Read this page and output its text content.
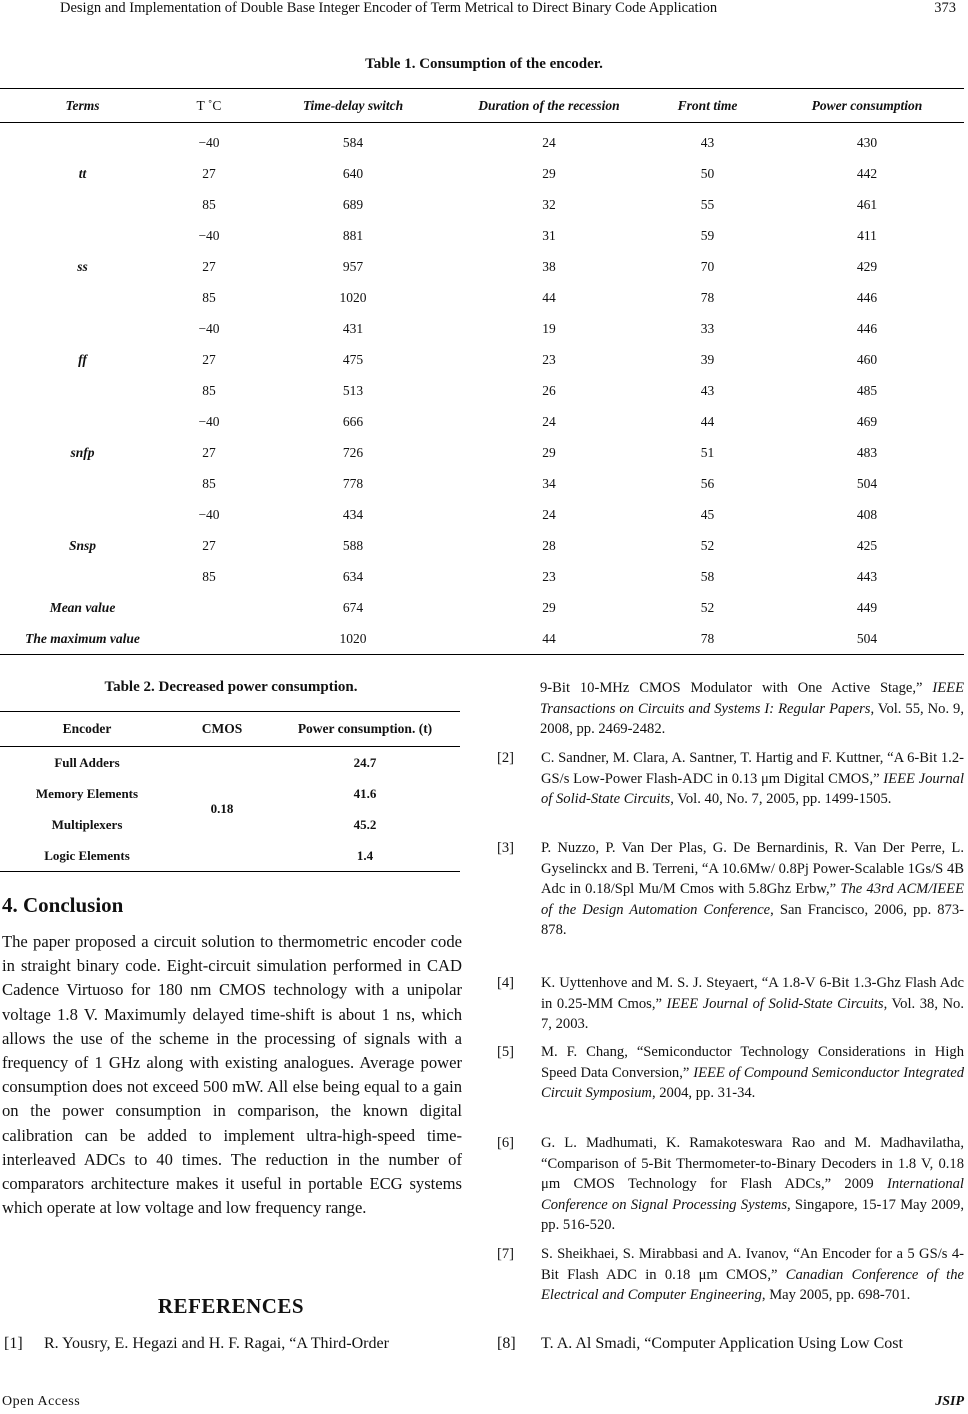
Design and Implementation of Double Base Integer Encoder of Term Metrical to Direct Binary Code Application	373
Table 1. Consumption of the encoder.
Terms	T ˚C	Time-delay switch	Duration of the recession	Front time	Power consumption
	−40	584	24	43	430
tt	27	640	29	50	442
	85	689	32	55	461
	−40	881	31	59	411
ss	27	957	38	70	429
	85	1020	44	78	446
	−40	431	19	33	446
ff	27	475	23	39	460
	85	513	26	43	485
	−40	666	24	44	469
snfp	27	726	29	51	483
	85	778	34	56	504
	−40	434	24	45	408
Snsp	27	588	28	52	425
	85	634	23	58	443
Mean value		674	29	52	449
The maximum value		1020	44	78	504
Table 2. Decreased power consumption.
Encoder	CMOS	Power consumption. (t)
Full Adders	0.18	24.7
Memory Elements		41.6
Multiplexers		45.2
Logic Elements		1.4
4. Conclusion
The paper proposed a circuit solution to thermometric encoder code in straight binary code. Eight-circuit simulation performed in CAD Cadence Virtuoso for 180 nm CMOS technology with a unipolar voltage 1.8 V. Maximumly delayed time-shift is about 1 ns, which allows the use of the scheme in the processing of signals with a frequency of 1 GHz along with existing analogues. Average power consumption does not exceed 500 mW. All else being equal to a gain on the power consumption in comparison, the known digital calibration can be added to implement ultra-high-speed time-interleaved ADCs to 40 times. The reduction in the number of comparators architecture makes it useful in portable ECG systems which operate at low voltage and low frequency range.
REFERENCES
[1] R. Yousry, E. Hegazi and H. F. Ragai, “A Third-Order
9-Bit 10-MHz CMOS Modulator with One Active Stage,” IEEE Transactions on Circuits and Systems I: Regular Papers, Vol. 55, No. 9, 2008, pp. 2469-2482.
[2] C. Sandner, M. Clara, A. Santner, T. Hartig and F. Kuttner, “A 6-Bit 1.2-GS/s Low-Power Flash-ADC in 0.13 μm Digital CMOS,” IEEE Journal of Solid-State Circuits, Vol. 40, No. 7, 2005, pp. 1499-1505.
[3] P. Nuzzo, P. Van Der Plas, G. De Bernardinis, R. Van Der Perre, L. Gyselinckx and B. Terreni, “A 10.6Mw/ 0.8Pj Power-Scalable 1Gs/S 4B Adc in 0.18/Spl Mu/M Cmos with 5.8Ghz Erbw,” The 43rd ACM/IEEE of the Design Automation Conference, San Francisco, 2006, pp. 873-878.
[4] K. Uyttenhove and M. S. J. Steyaert, “A 1.8-V 6-Bit 1.3-Ghz Flash Adc in 0.25-MM Cmos,” IEEE Journal of Solid-State Circuits, Vol. 38, No. 7, 2003.
[5] M. F. Chang, “Semiconductor Technology Considerations in High Speed Data Conversion,” IEEE of Compound Semiconductor Integrated Circuit Symposium, 2004, pp. 31-34.
[6] G. L. Madhumati, K. Ramakoteswara Rao and M. Madhavilatha, “Comparison of 5-Bit Thermometer-to-Binary Decoders in 1.8 V, 0.18 μm CMOS Technology for Flash ADCs,” 2009 International Conference on Signal Processing Systems, Singapore, 15-17 May 2009, pp. 516-520.
[7] S. Sheikhaei, S. Mirabbasi and A. Ivanov, “An Encoder for a 5 GS/s 4-Bit Flash ADC in 0.18 μm CMOS,” Canadian Conference of the Electrical and Computer Engineering, May 2005, pp. 698-701.
[8] T. A. Al Smadi, “Computer Application Using Low Cost
Open Access	JSIP
